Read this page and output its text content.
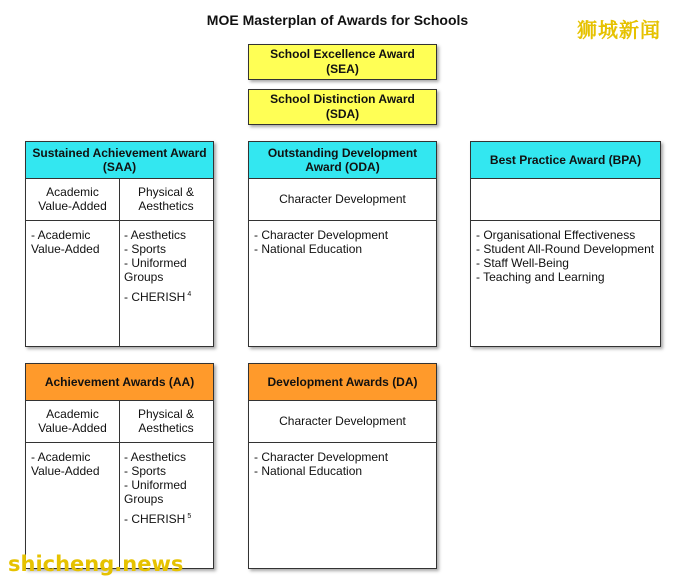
MOE Masterplan of Awards for Schools	狮城新闻
School Excellence Award
(SEA)
School Distinction Award
(SDA)
Sustained Achievement Award
(SAA)
Academic
Value-Added
Physical &
Aesthetics
- Academic
Value-Added
- Aesthetics
- Sports
- Uniformed
Groups
- CHERISH $^4$
Outstanding Development
Award (ODA)
Character Development
- Character Development
- National Education
Best Practice Award (BPA)
- Organisational Effectiveness
- Student All-Round Development
- Staff Well-Being
- Teaching and Learning
Achievement Awards (AA)
Academic
Value-Added
Physical &
Aesthetics
- Academic
Value-Added
- Aesthetics
- Sports
- Uniformed
Groups
- CHERISH $^5$
Development Awards (DA)
Character Development
- Character Development
- National Education
shicheng.news
